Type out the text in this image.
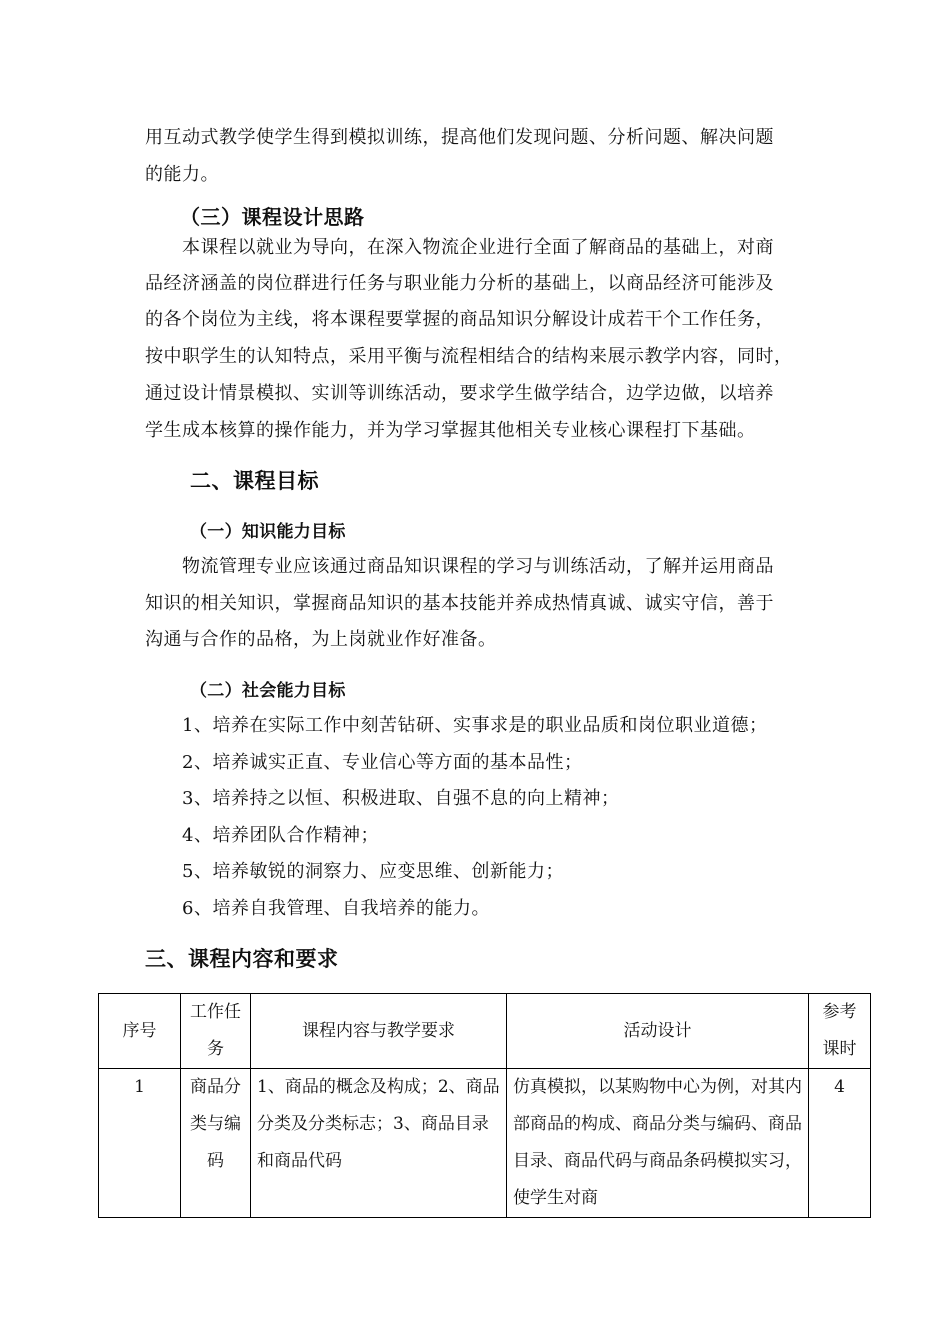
用互动式教学使学生得到模拟训练，提高他们发现问题、分析问题、解决问题
的能力。
（三）课程设计思路
本课程以就业为导向，在深入物流企业进行全面了解商品的基础上，对商
品经济涵盖的岗位群进行任务与职业能力分析的基础上，以商品经济可能涉及
的各个岗位为主线，将本课程要掌握的商品知识分解设计成若干个工作任务，
按中职学生的认知特点，采用平衡与流程相结合的结构来展示教学内容，同时，
通过设计情景模拟、实训等训练活动，要求学生做学结合，边学边做，以培养
学生成本核算的操作能力，并为学习掌握其他相关专业核心课程打下基础。
二、课程目标
（一）知识能力目标
物流管理专业应该通过商品知识课程的学习与训练活动，了解并运用商品
知识的相关知识，掌握商品知识的基本技能并养成热情真诚、诚实守信，善于
沟通与合作的品格，为上岗就业作好准备。
（二）社会能力目标
1、培养在实际工作中刻苦钻研、实事求是的职业品质和岗位职业道德；
2、培养诚实正直、专业信心等方面的基本品性；
3、培养持之以恒、积极进取、自强不息的向上精神；
4、培养团队合作精神；
5、培养敏锐的洞察力、应变思维、创新能力；
6、培养自我管理、自我培养的能力。
三、课程内容和要求
序号	工作任务	课程内容与教学要求	活动设计	参考课时
1	商品分类与编码	1、商品的概念及构成；2、商品分类及分类标志；3、商品目录和商品代码	仿真模拟，以某购物中心为例，对其内部商品的构成、商品分类与编码、商品目录、商品代码与商品条码模拟实习，使学生对商	4
